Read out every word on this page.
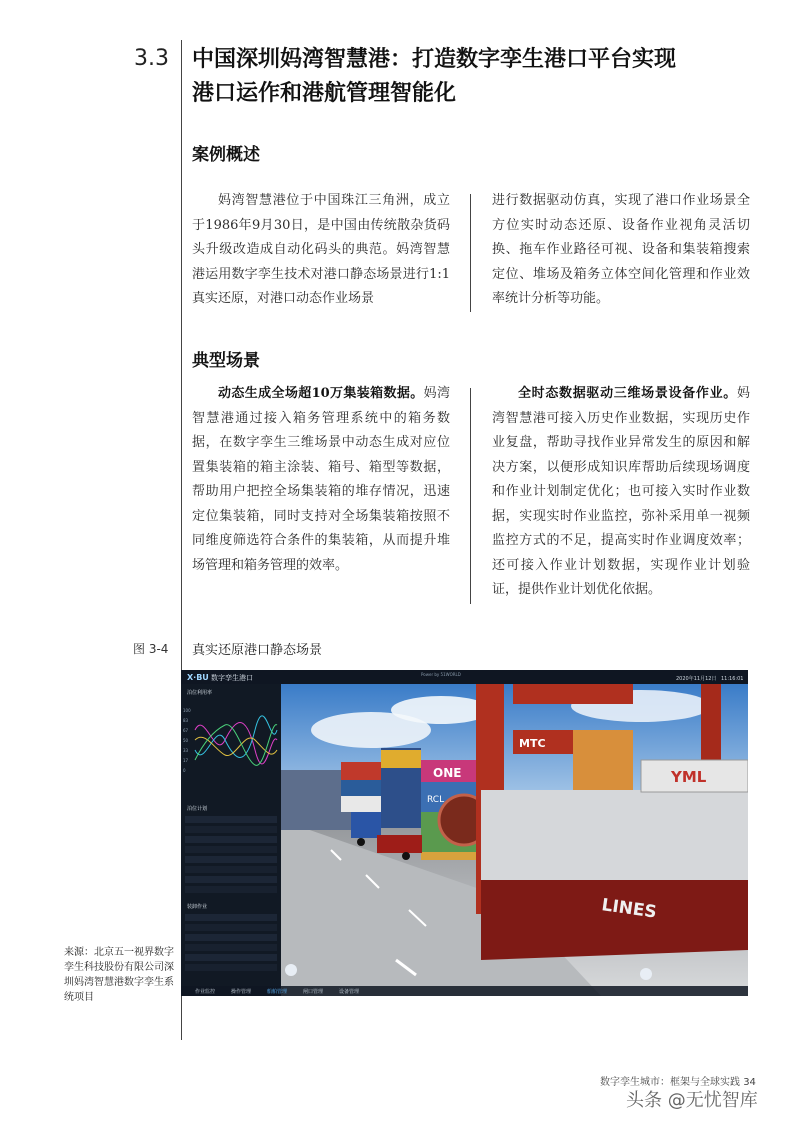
3.3 中国深圳妈湾智慧港：打造数字孪生港口平台实现
港口运作和港航管理智能化
案例概述

妈湾智慧港位于中国珠江三角洲，成立于1986年9月30日，是中国由传统散杂货码头升级改造成自动化码头的典范。妈湾智慧港运用数字孪生技术对港口静态场景进行1:1真实还原，对港口动态作业场景

进行数据驱动仿真，实现了港口作业场景全方位实时动态还原、设备作业视角灵活切换、拖车作业路径可视、设备和集装箱搜索定位、堆场及箱务立体空间化管理和作业效率统计分析等功能。

典型场景

动态生成全场超10万集装箱数据。妈湾智慧港通过接入箱务管理系统中的箱务数据，在数字孪生三维场景中动态生成对应位置集装箱的箱主涂装、箱号、箱型等数据，帮助用户把控全场集装箱的堆存情况，迅速定位集装箱，同时支持对全场集装箱按照不同维度筛选符合条件的集装箱，从而提升堆场管理和箱务管理的效率。

全时态数据驱动三维场景设备作业。妈湾智慧港可接入历史作业数据，实现历史作业复盘，帮助寻找作业异常发生的原因和解决方案，以便形成知识库帮助后续现场调度和作业计划制定优化；也可接入实时作业数据，实现实时作业监控，弥补采用单一视频监控方式的不足，提高实时作业调度效率；还可接入作业计划数据，实现作业计划验证，提供作业计划优化依据。

图 3-4 真实还原港口静态场景
ONE
RCL
MTC
YML
LINES
X·BU 数字孪生港口	Power by 51WORLD
2020年11月12日 11:16:01
泊位利用率
100
83
67
50
33
17
0
泊位计划
装卸作业
作业监控	操作管理	船舶管理	闸口管理	设备管理
来源：北京五一视界数字孪生科技股份有限公司深圳妈湾智慧港数字孪生系统项目
数字孪生城市：框架与全球实践 34
头条 @无忧智库
